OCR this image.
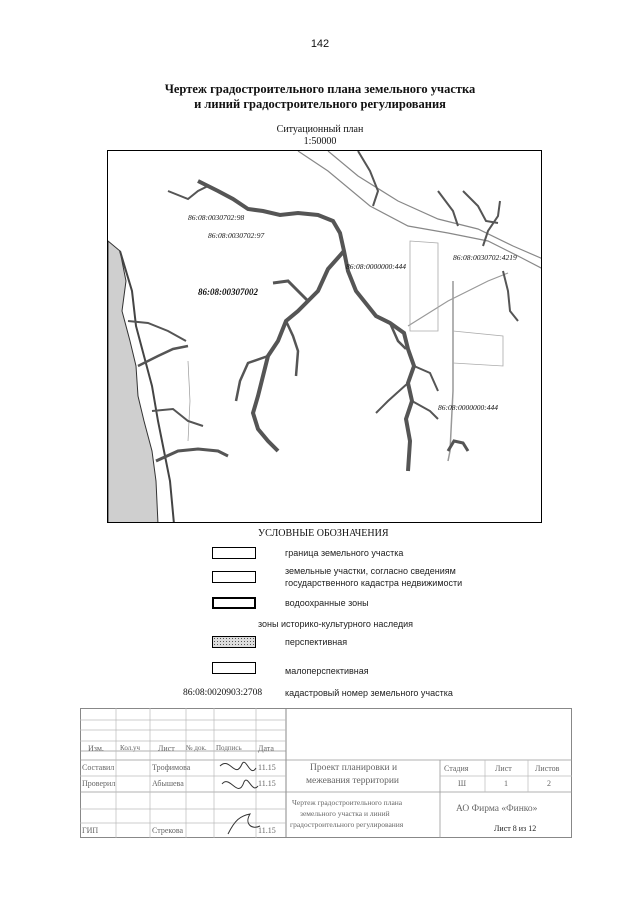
142
Чертеж градостроительного плана земельного участка
и линий градостроительного регулирования
Ситуационный план
1:50000
86:08:0030702:98
86:08:0030702:97
86:08:0000000:444
86:08:0030702:4219
86:08:00307002
86:08:0000000:444
УСЛОВНЫЕ ОБОЗНАЧЕНИЯ
граница земельного участка
земельные участки, согласно сведениям
государственного кадастра недвижимости
водоохранные зоны
зоны историко-культурного наследия
перспективная
малоперспективная
86:08:0020903:2708	кадастровый номер земельного участка
Изм. Кол.уч Лист № док. Подпись Дата
Составил	Трофимова	11.15
Проверил	Абышева	11.15
ГИП	Стрекова	11.15
Проект планировки и
межевания территории
Стадия	Лист	Листов
Ш	1	2
Чертеж градостроительного плана
земельного участка и линий
градостроительного регулирования
АО Фирма «Финко»
Лист 8 из 12
